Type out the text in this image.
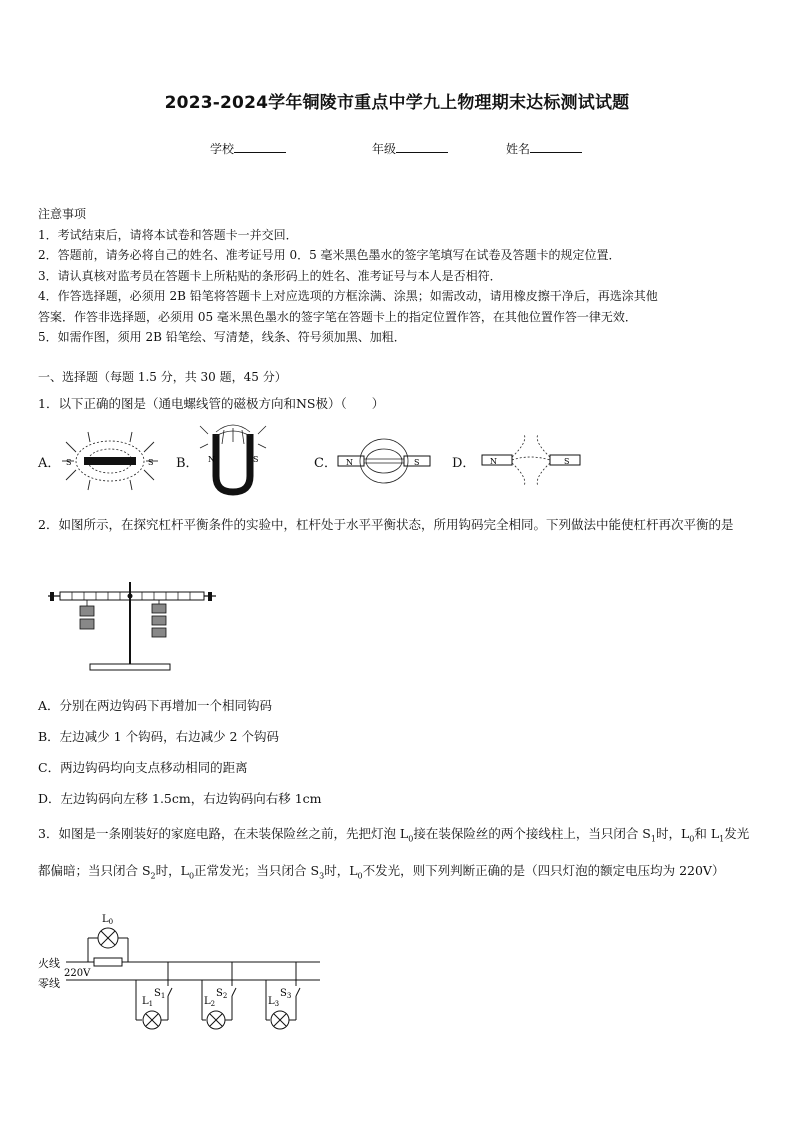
2023-2024学年铜陵市重点中学九上物理期末达标测试试题
学校	年级	姓名
注意事项
1．考试结束后，请将本试卷和答题卡一并交回．
2．答题前，请务必将自己的姓名、准考证号用 0．5 毫米黑色墨水的签字笔填写在试卷及答题卡的规定位置．
3．请认真核对监考员在答题卡上所粘贴的条形码上的姓名、准考证号与本人是否相符．
4．作答选择题，必须用 2B 铅笔将答题卡上对应选项的方框涂满、涂黑；如需改动，请用橡皮擦干净后，再选涂其他
答案．作答非选择题，必须用 05 毫米黑色墨水的签字笔在答题卡上的指定位置作答，在其他位置作答一律无效．
5．如需作图，须用 2B 铅笔绘、写清楚，线条、符号须加黑、加粗．
一、选择题（每题 1.5 分，共 30 题，45 分）
1．以下正确的图是（通电螺线管的磁极方向和NS极）（　　）
A． S	S B． N	S	C． N	S	D． N	S
2．如图所示，在探究杠杆平衡条件的实验中，杠杆处于水平平衡状态，所用钩码完全相同。下列做法中能使杠杆再次平衡的是
A．分别在两边钩码下再增加一个相同钩码
B．左边减少 1 个钩码，右边减少 2 个钩码
C．两边钩码均向支点移动相同的距离
D．左边钩码向左移 1.5cm，右边钩码向右移 1cm
3．如图是一条刚装好的家庭电路，在未装保险丝之前，先把灯泡 $L_0$接在装保险丝的两个接线柱上，当只闭合 $S_1$时，$L_0$和 $L_1$发光都偏暗；当只闭合 $S_2$时，$L_0$正常发光；当只闭合 $S_3$时，$L_0$不发光，则下列判断正确的是（四只灯泡的额定电压均为 220V）
火线
零线
220V
$L_0$
$L_1$
$S_1$	$L_2$
$S_2$	$L_3$
$S_3$
